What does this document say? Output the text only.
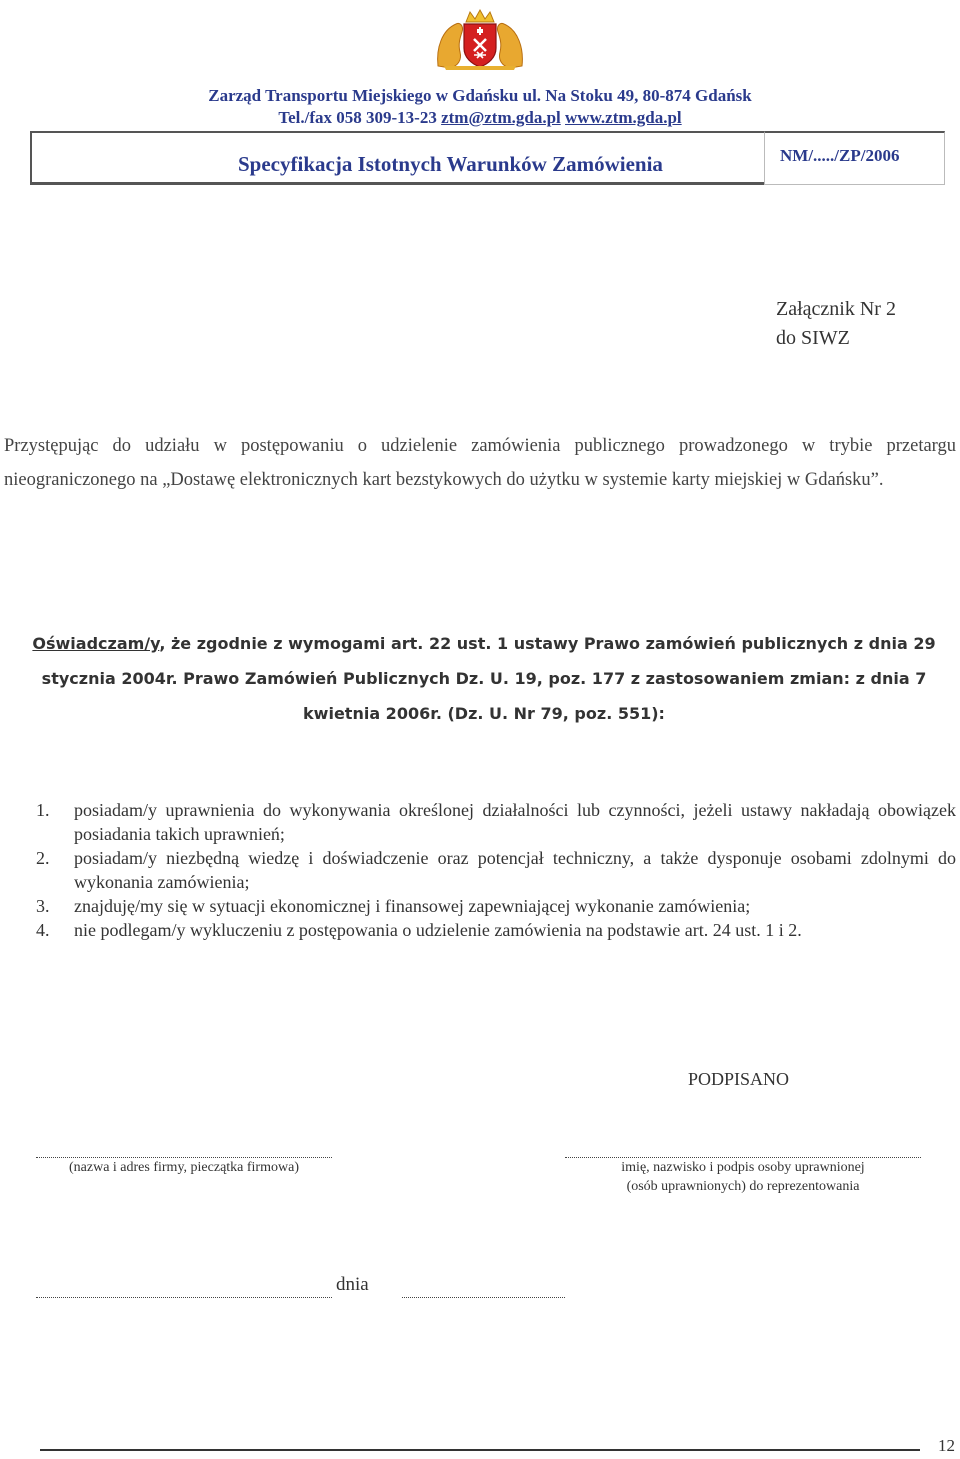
Zarząd Transportu Miejskiego w Gdańsku ul. Na Stoku 49, 80-874 Gdańsk
Tel./fax 058 309-13-23 ztm@ztm.gda.pl www.ztm.gda.pl
Specyfikacja Istotnych Warunków Zamówienia	NM/...../ZP/2006
Załącznik Nr 2
do SIWZ
Przystępując do udziału w postępowaniu o udzielenie zamówienia publicznego prowadzonego w trybie przetargu nieograniczonego na „Dostawę elektronicznych kart bezstykowych do użytku w systemie karty miejskiej w Gdańsku”.
Oświadczam/y, że zgodnie z wymogami art. 22 ust. 1 ustawy Prawo zamówień publicznych z dnia 29 stycznia 2004r. Prawo Zamówień Publicznych Dz. U. 19, poz. 177 z zastosowaniem zmian: z dnia 7 kwietnia 2006r. (Dz. U. Nr 79, poz. 551):
1. posiadam/y uprawnienia do wykonywania określonej działalności lub czynności, jeżeli ustawy nakładają obowiązek posiadania takich uprawnień;
2. posiadam/y niezbędną wiedzę i doświadczenie oraz potencjał techniczny, a także dysponuje osobami zdolnymi do wykonania zamówienia;
3. znajduję/my się w sytuacji ekonomicznej i finansowej zapewniającej wykonanie zamówienia;
4. nie podlegam/y wykluczeniu z postępowania o udzielenie zamówienia na podstawie art. 24 ust. 1 i 2.
PODPISANO
(nazwa i adres firmy, pieczątka firmowa)	imię, nazwisko i podpis osoby uprawnionej
(osób uprawnionych) do reprezentowania
dnia
12
